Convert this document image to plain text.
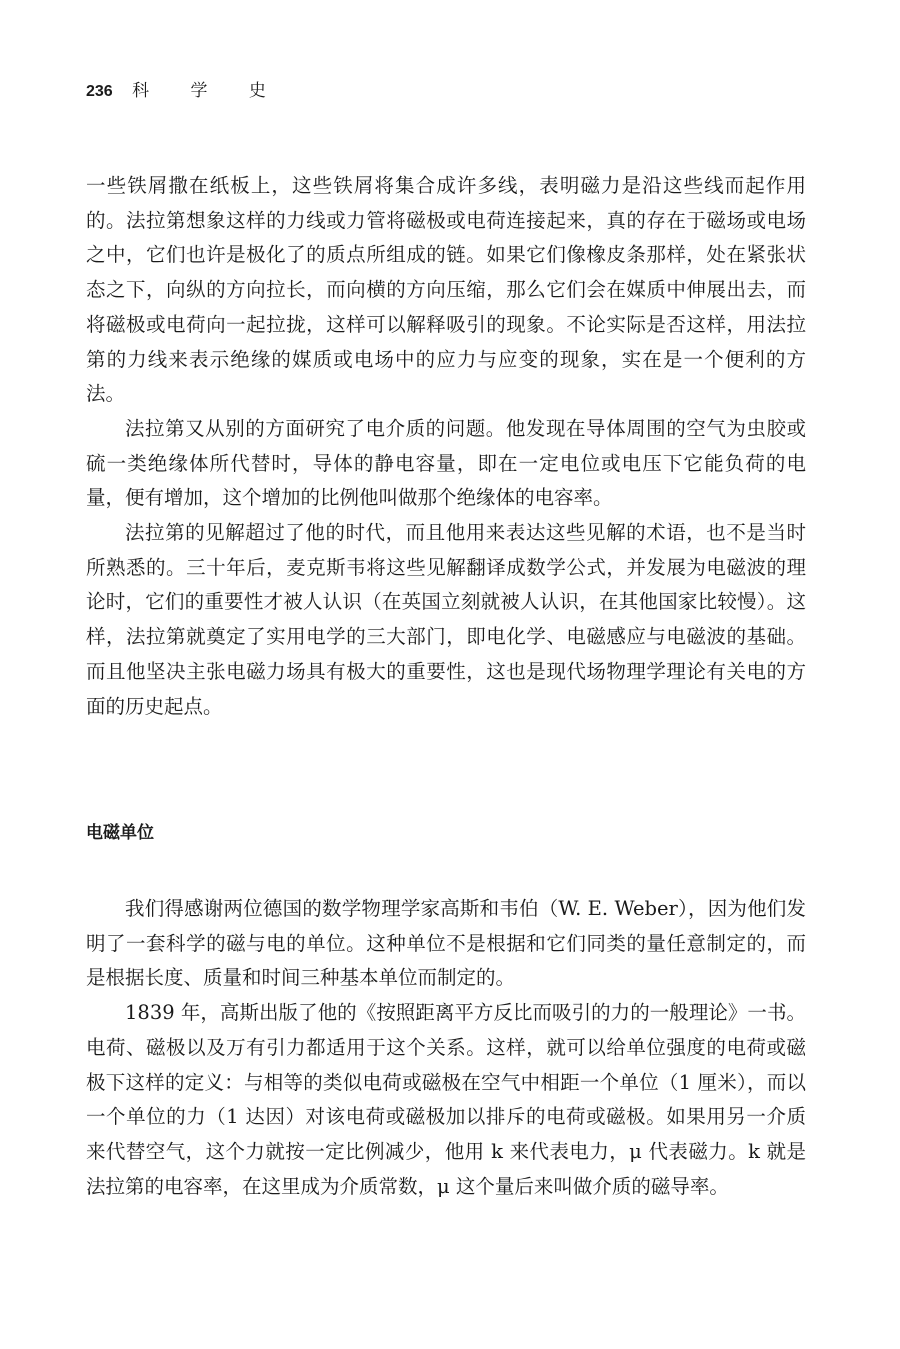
236 科 学 史

一些铁屑撒在纸板上，这些铁屑将集合成许多线，表明磁力是沿这些线而起作用的。法拉第想象这样的力线或力管将磁极或电荷连接起来，真的存在于磁场或电场之中，它们也许是极化了的质点所组成的链。如果它们像橡皮条那样，处在紧张状态之下，向纵的方向拉长，而向横的方向压缩，那么它们会在媒质中伸展出去，而将磁极或电荷向一起拉拢，这样可以解释吸引的现象。不论实际是否这样，用法拉第的力线来表示绝缘的媒质或电场中的应力与应变的现象，实在是一个便利的方法。

法拉第又从别的方面研究了电介质的问题。他发现在导体周围的空气为虫胶或硫一类绝缘体所代替时，导体的静电容量，即在一定电位或电压下它能负荷的电量，便有增加，这个增加的比例他叫做那个绝缘体的电容率。

法拉第的见解超过了他的时代，而且他用来表达这些见解的术语，也不是当时所熟悉的。三十年后，麦克斯韦将这些见解翻译成数学公式，并发展为电磁波的理论时，它们的重要性才被人认识（在英国立刻就被人认识，在其他国家比较慢）。这样，法拉第就奠定了实用电学的三大部门，即电化学、电磁感应与电磁波的基础。而且他坚决主张电磁力场具有极大的重要性，这也是现代场物理学理论有关电的方面的历史起点。

电磁单位

我们得感谢两位德国的数学物理学家高斯和韦伯（W. E. Weber），因为他们发明了一套科学的磁与电的单位。这种单位不是根据和它们同类的量任意制定的，而是根据长度、质量和时间三种基本单位而制定的。

1839 年，高斯出版了他的《按照距离平方反比而吸引的力的一般理论》一书。电荷、磁极以及万有引力都适用于这个关系。这样，就可以给单位强度的电荷或磁极下这样的定义：与相等的类似电荷或磁极在空气中相距一个单位（1 厘米），而以一个单位的力（1 达因）对该电荷或磁极加以排斥的电荷或磁极。如果用另一介质来代替空气，这个力就按一定比例减少，他用 k 来代表电力，μ 代表磁力。k 就是法拉第的电容率，在这里成为介质常数，μ 这个量后来叫做介质的磁导率。
